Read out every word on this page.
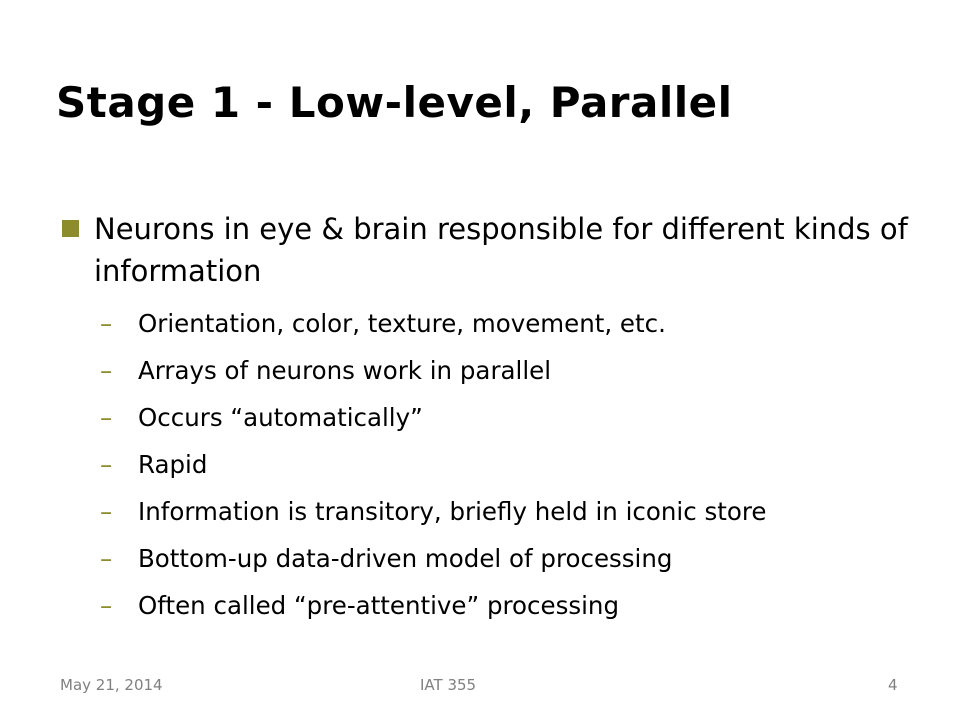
Stage 1 - Low-level, Parallel
Neurons in eye & brain responsible for different kinds of information
– Orientation, color, texture, movement, etc.
– Arrays of neurons work in parallel
– Occurs “automatically”
– Rapid
– Information is transitory, briefly held in iconic store
– Bottom-up data-driven model of processing
– Often called “pre-attentive” processing
May 21, 2014	IAT 355	4
